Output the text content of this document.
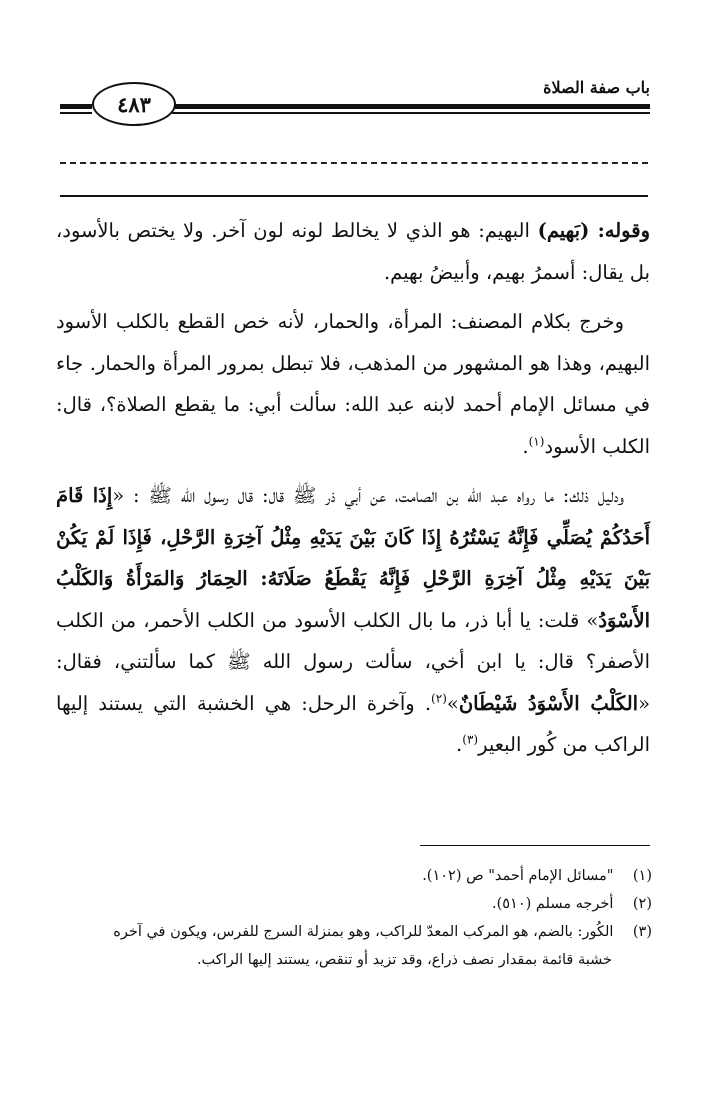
٤٨٣
باب صفة الصلاة

وقوله: (بَهيم) البهيم: هو الذي لا يخالط لونه لون آخر. ولا يختص بالأسود، بل يقال: أسمرُ بهيم، وأبيضُ بهيم.

وخرج بكلام المصنف: المرأة، والحمار، لأنه خص القطع بالكلب الأسود البهيم، وهذا هو المشهور من المذهب، فلا تبطل بمرور المرأة والحمار. جاء في مسائل الإمام أحمد لابنه عبد الله: سألت أبي: ما يقطع الصلاة؟، قال: الكلب الأسود$^{(١)}$.

ودليل ذلك: ما رواه عبد الله بن الصامت، عن أبي ذر ﷺ قال: قال رسول الله ﷺ : «إِذَا قَامَ أَحَدُكُمْ يُصَلِّي فَإِنَّهُ يَسْتُرُهُ إِذَا كَانَ بَيْنَ يَدَيْهِ مِثْلُ آخِرَةِ الرَّحْلِ، فَإِذَا لَمْ يَكُنْ بَيْنَ يَدَيْهِ مِثْلُ آخِرَةِ الرَّحْلِ فَإِنَّهُ يَقْطَعُ صَلَاتَهُ: الحِمَارُ وَالمَرْأَةُ وَالكَلْبُ الأَسْوَدُ» قلت: يا أبا ذر، ما بال الكلب الأسود من الكلب الأحمر، من الكلب الأصفر؟ قال: يا ابن أخي، سألت رسول الله ﷺ كما سألتني، فقال: «الكَلْبُ الأَسْوَدُ شَيْطَانٌ»$^{(٢)}$. وآخرة الرحل: هي الخشبة التي يستند إليها الراكب من كُور البعير$^{(٣)}$.

(١) "مسائل الإمام أحمد" ص (١٠٢).

(٢) أخرجه مسلم (٥١٠).

(٣) الكُور: بالضم، هو المركب المعدّ للراكب، وهو بمنزلة السرج للفرس، ويكون في آخره
خشبة قائمة بمقدار نصف ذراع، وقد تزيد أو تنقص، يستند إليها الراكب.
